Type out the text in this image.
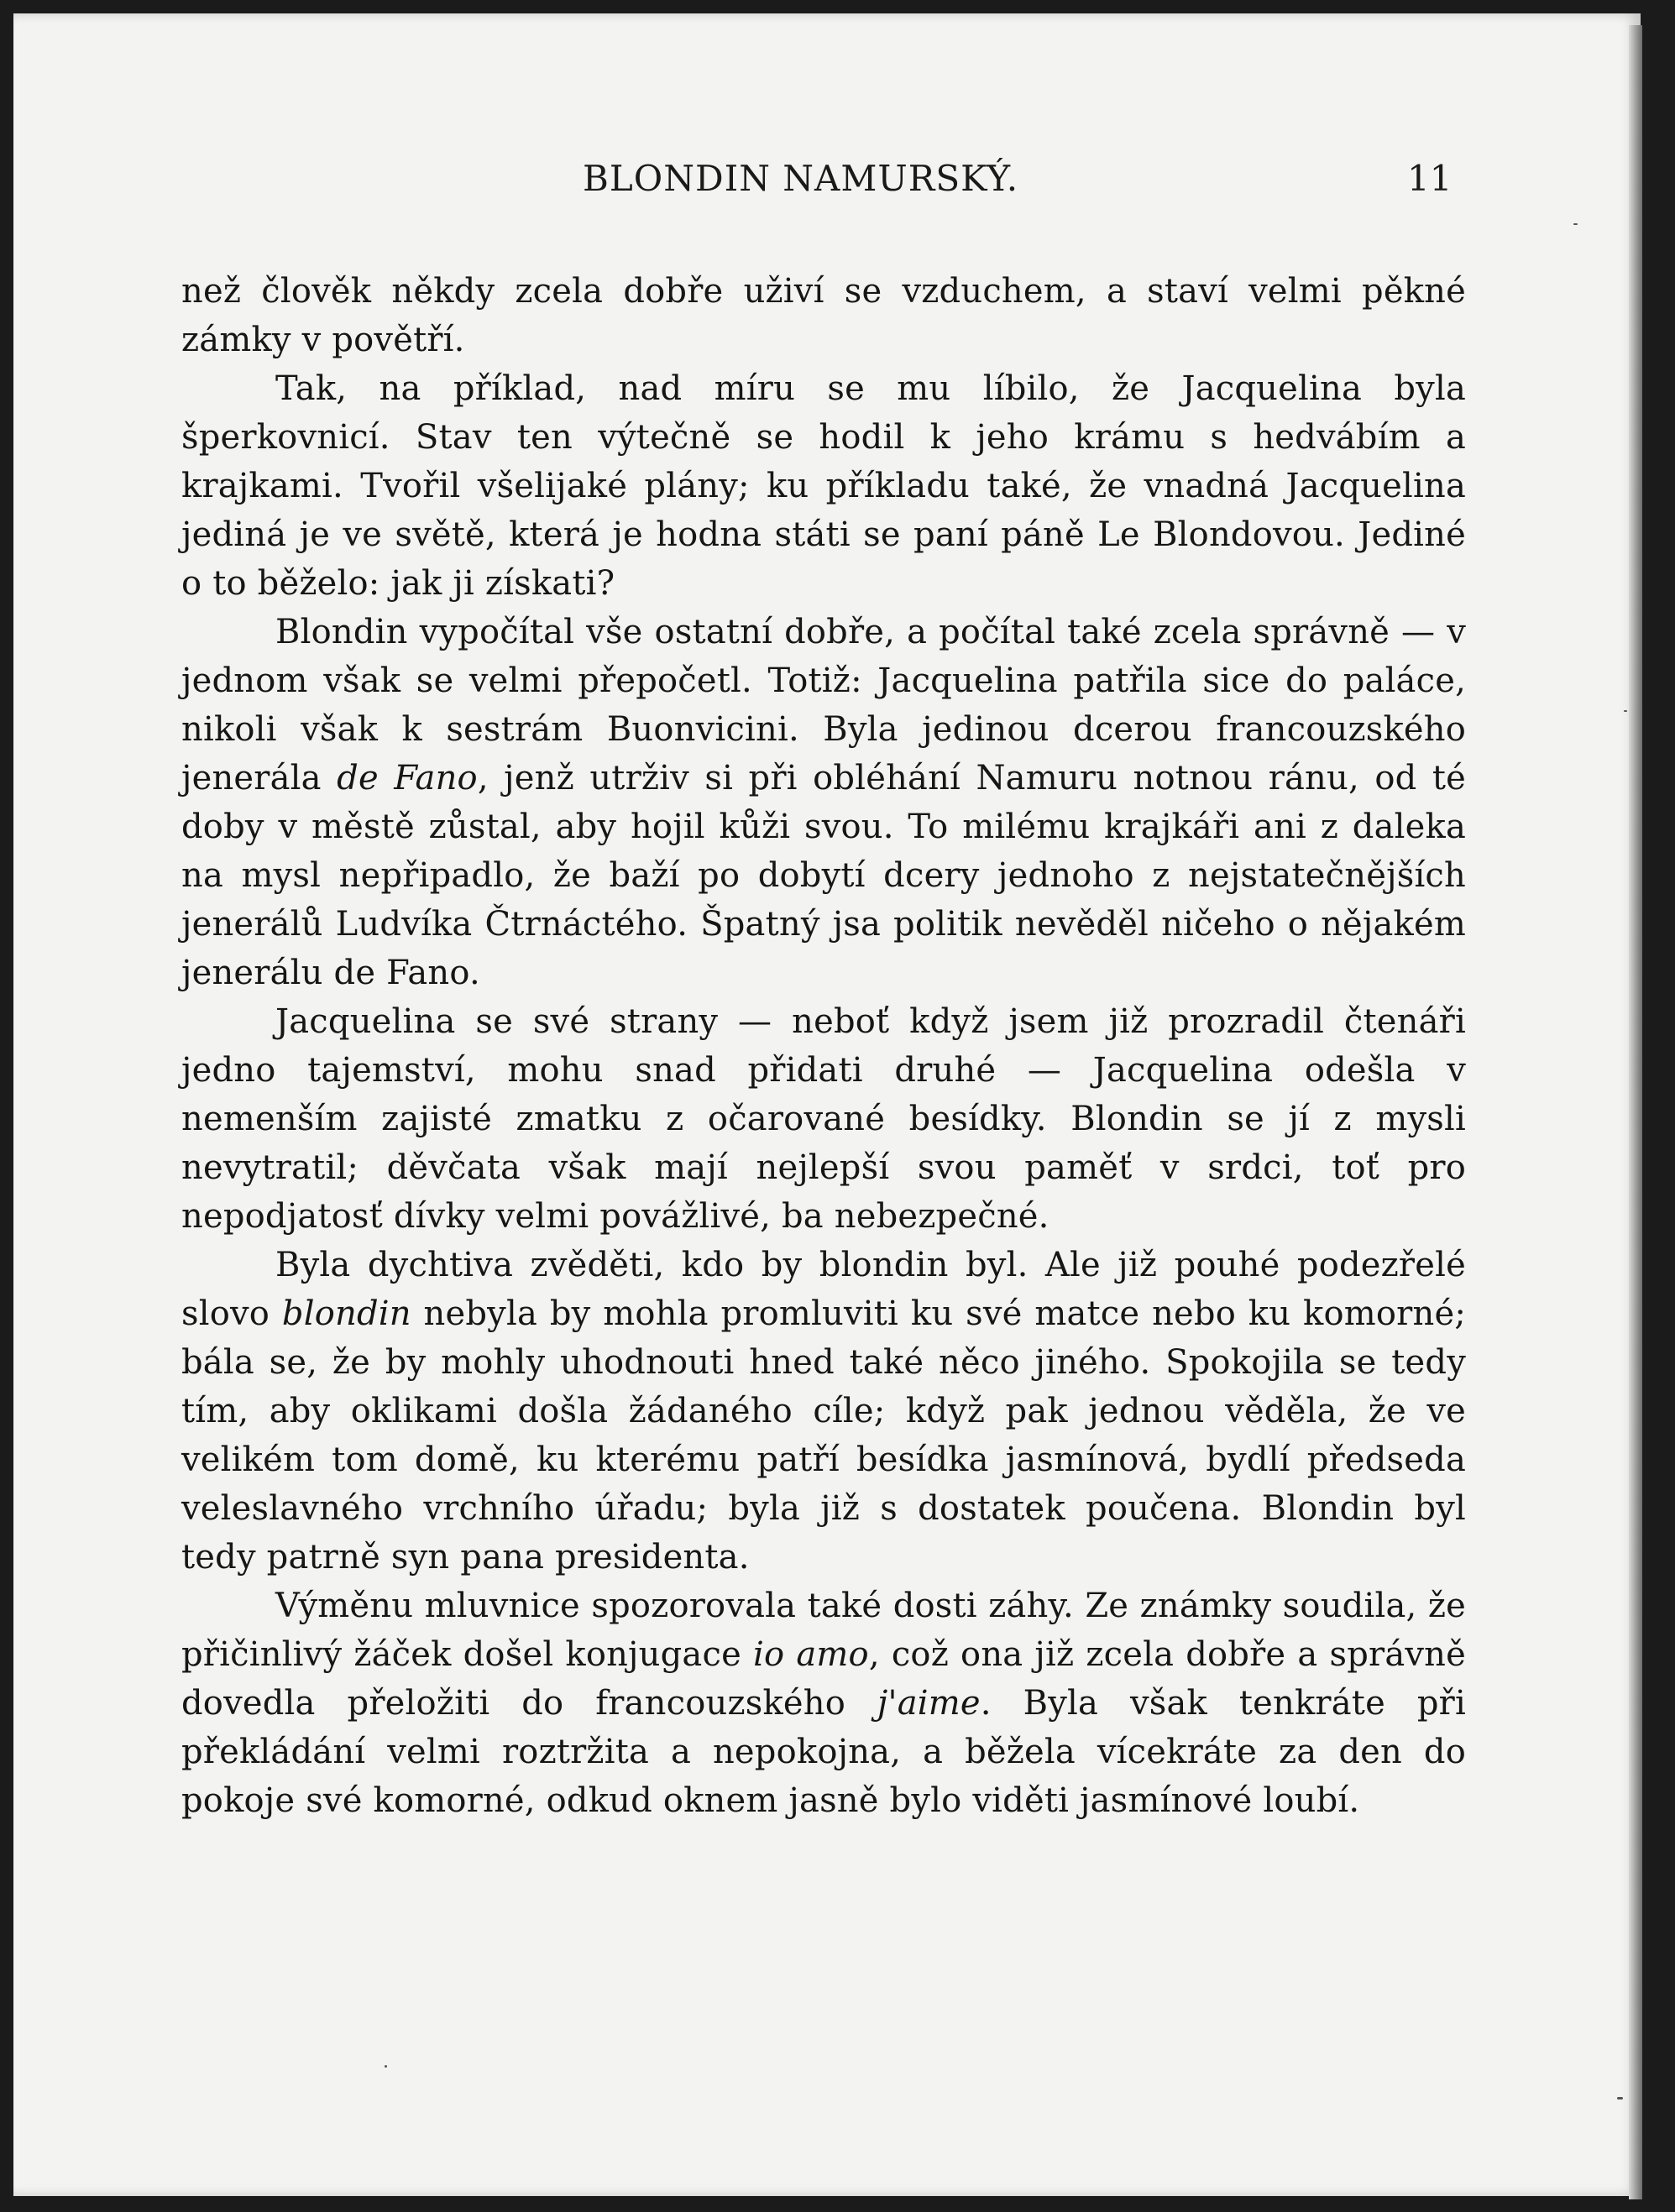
BLONDIN NAMURSKÝ.	11

než člověk někdy zcela dobře uživí se vzduchem, a staví velmi pěkné zámky v povětří.

Tak, na příklad, nad míru se mu líbilo, že Jacquelina byla šperkovnicí. Stav ten výtečně se hodil k jeho krámu s hedvábím a krajkami. Tvořil všelijaké plány; ku příkladu také, že vnadná Jacquelina jediná je ve světě, která je hodna státi se paní páně Le Blondovou. Jediné o to běželo: jak ji získati?

Blondin vypočítal vše ostatní dobře, a počítal také zcela správně — v jednom však se velmi přepočetl. Totiž: Jacquelina patřila sice do paláce, nikoli však k sestrám Buonvicini. Byla jedinou dcerou francouzského jenerála de Fano, jenž utrživ si při obléhání Namuru notnou ránu, od té doby v městě zůstal, aby hojil kůži svou. To milému krajkáři ani z daleka na mysl nepřipadlo, že baží po dobytí dcery jednoho z nejstatečnějších jenerálů Ludvíka Čtrnáctého. Špatný jsa politik nevěděl ničeho o nějakém jenerálu de Fano.

Jacquelina se své strany — neboť když jsem již prozradil čtenáři jedno tajemství, mohu snad přidati druhé — Jacquelina odešla v nemenším zajisté zmatku z očarované besídky. Blondin se jí z mysli nevytratil; děvčata však mají nejlepší svou paměť v srdci, toť pro nepodjatosť dívky velmi povážlivé, ba nebezpečné.

Byla dychtiva zvěděti, kdo by blondin byl. Ale již pouhé podezřelé slovo blondin nebyla by mohla promluviti ku své matce nebo ku komorné; bála se, že by mohly uhodnouti hned také něco jiného. Spokojila se tedy tím, aby oklikami došla žádaného cíle; když pak jednou věděla, že ve velikém tom domě, ku kterému patří besídka jasmínová, bydlí předseda veleslavného vrchního úřadu; byla již s dostatek poučena. Blondin byl tedy patrně syn pana presidenta.

Výměnu mluvnice spozorovala také dosti záhy. Ze známky soudila, že přičinlivý žáček došel konjugace io amo, což ona již zcela dobře a správně dovedla přeložiti do francouzského j'aime. Byla však tenkráte při překládání velmi roztržita a nepokojna, a běžela vícekráte za den do pokoje své komorné, odkud oknem jasně bylo viděti jasmínové loubí.
